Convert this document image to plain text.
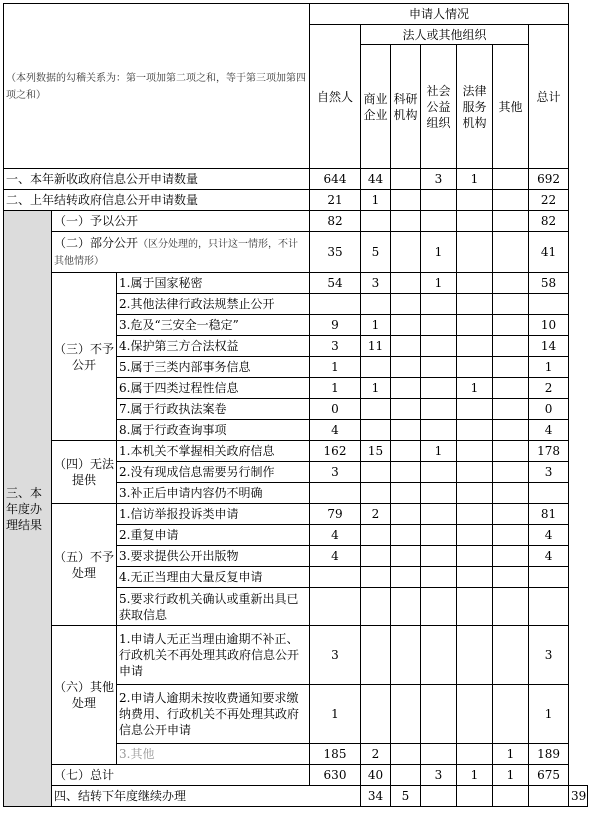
（本列数据的勾稽关系为：第一项加第二项之和，等于第三项加第四项之和）			申请人情况							
			自然人	法人或其他组织					总计	
				商业企业	科研机构	社会公益组织	法律服务机构	其他		
一、本年新收政府信息公开申请数量			644	44		3	1		692	
二、上年结转政府信息公开申请数量			21	1					22	
三、本年度办理结果	（一）予以公开		82						82	
	（二）部分公开（区分处理的，只计这一情形，不计其他情形）		35	5		1			41	
	（三）不予公开	1.属于国家秘密	54	3		1			58	
		2.其他法律行政法规禁止公开								
		3.危及“三安全一稳定”	9	1					10	
		4.保护第三方合法权益	3	11					14	
		5.属于三类内部事务信息	1						1	
		6.属于四类过程性信息	1	1			1		2	
		7.属于行政执法案卷	0						0	
		8.属于行政查询事项	4						4	
	（四）无法提供	1.本机关不掌握相关政府信息	162	15		1			178	
		2.没有现成信息需要另行制作	3						3	
		3.补正后申请内容仍不明确								
	（五）不予处理	1.信访举报投诉类申请	79	2					81	
		2.重复申请	4						4	
		3.要求提供公开出版物	4						4	
		4.无正当理由大量反复申请								
		5.要求行政机关确认或重新出具已获取信息								
	（六）其他处理	1.申请人无正当理由逾期不补正、行政机关不再处理其政府信息公开申请	3						3	
		2.申请人逾期未按收费通知要求缴纳费用、行政机关不再处理其政府信息公开申请	1						1	
		3.其他	185	2				1	189	
	（七）总计		630	40		3	1	1	675	
	四、结转下年度继续办理			34	5					39
